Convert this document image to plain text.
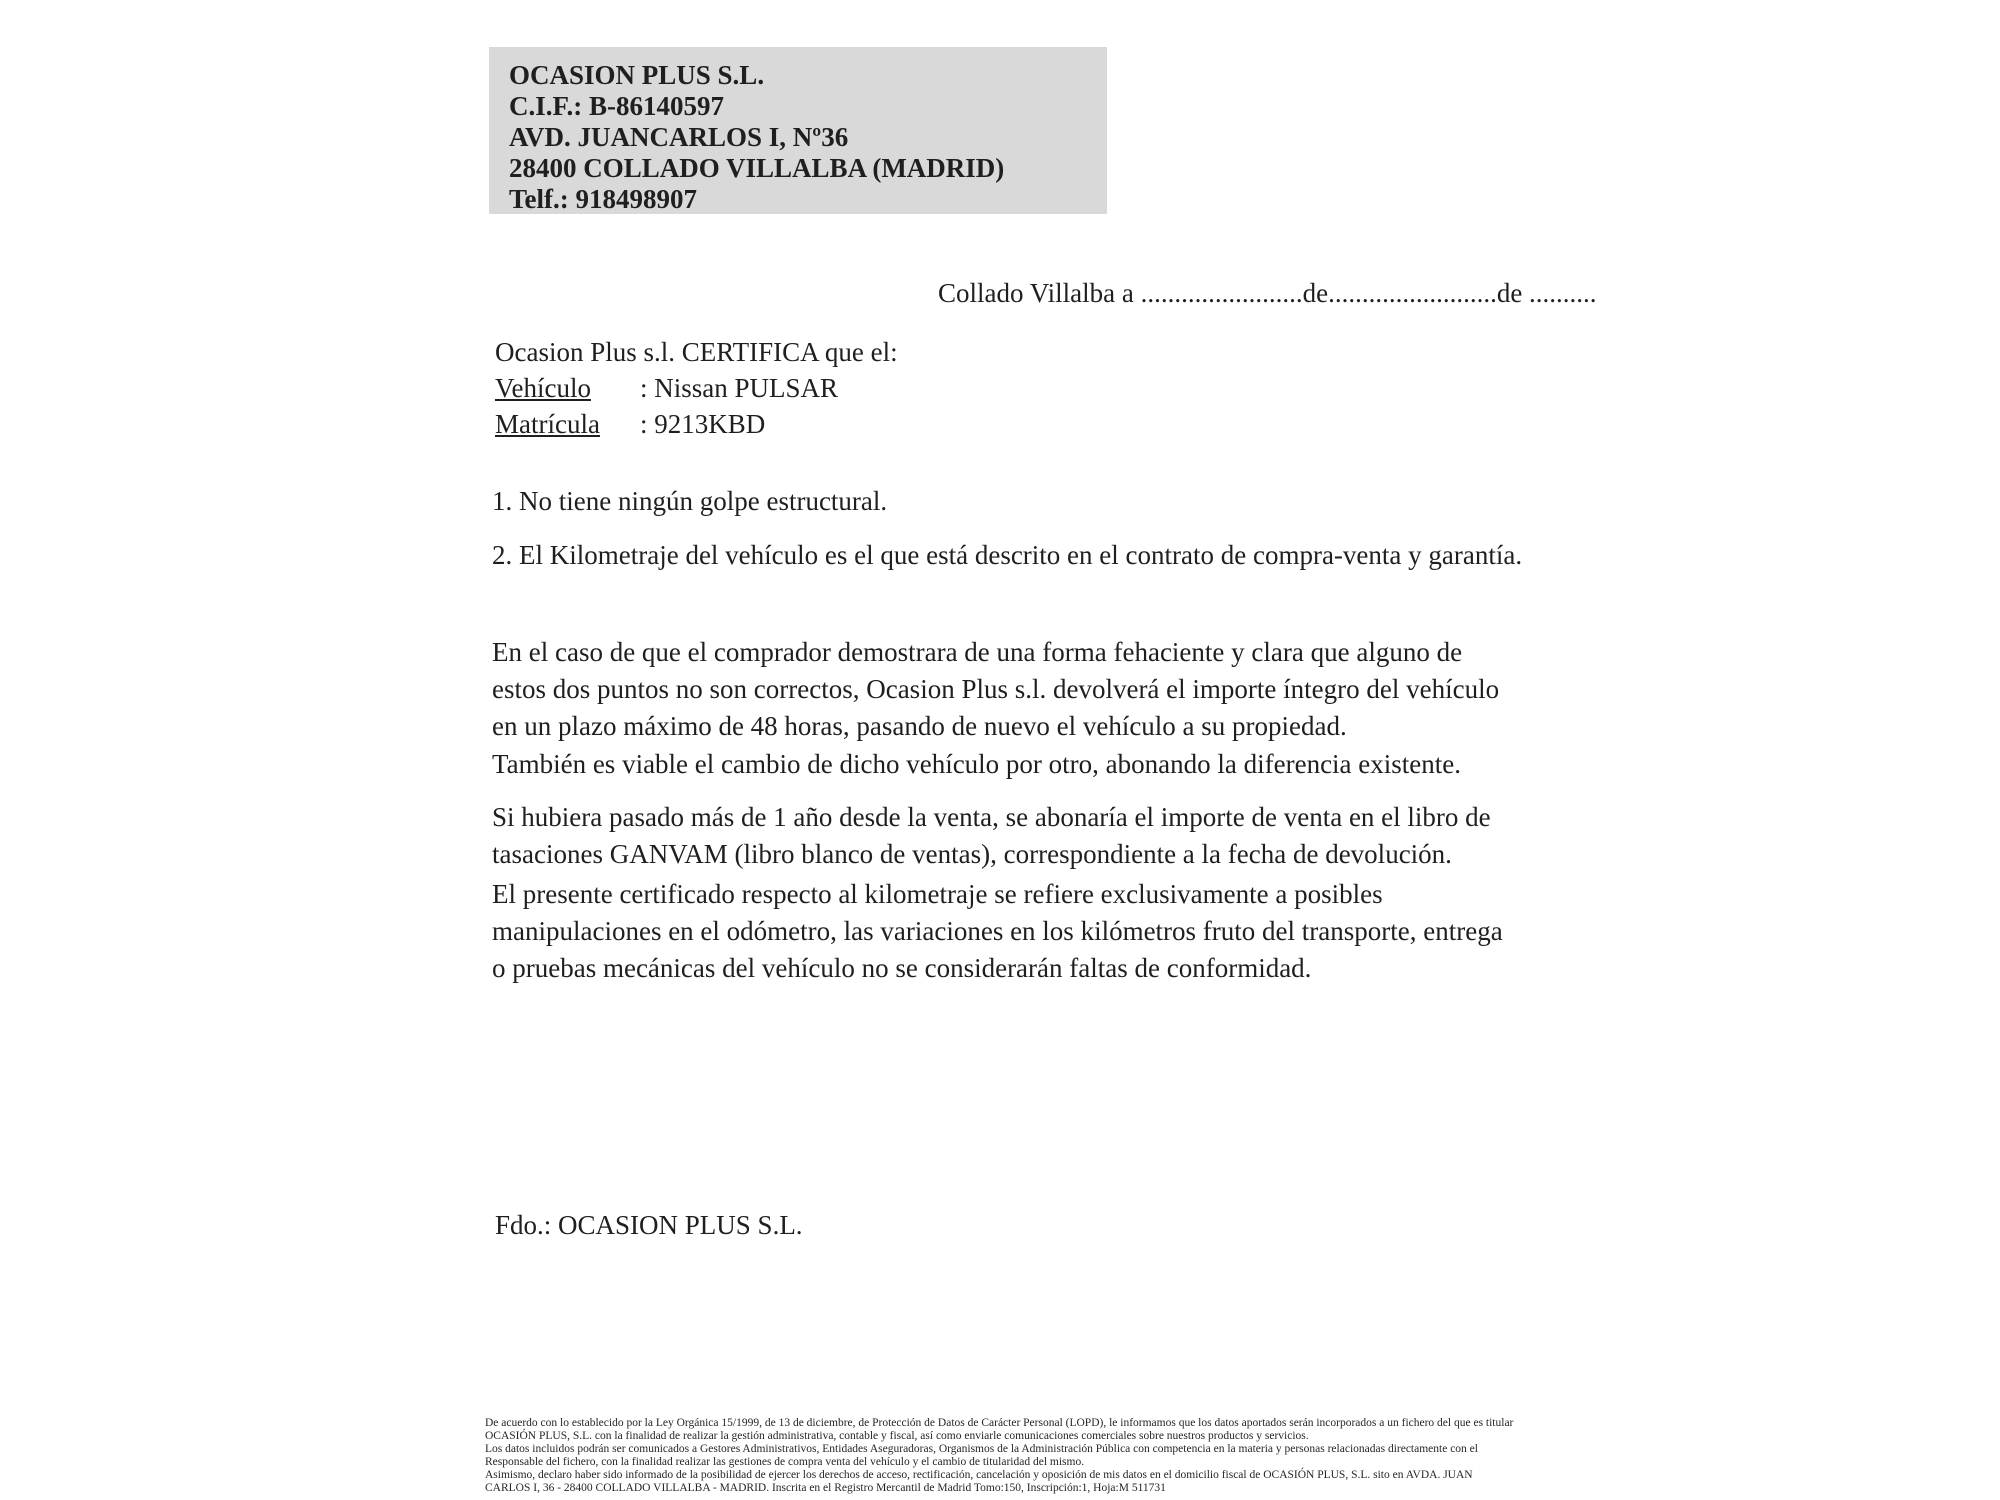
OCASION PLUS S.L.
C.I.F.: B-86140597
AVD. JUANCARLOS I, Nº36
28400 COLLADO VILLALBA (MADRID)
Telf.: 918498907
Collado Villalba a ........................de.........................de ..........
Ocasion Plus s.l. CERTIFICA que el:
Vehículo	: Nissan PULSAR
Matrícula	: 9213KBD
1. No tiene ningún golpe estructural.
2. El Kilometraje del vehículo es el que está descrito en el contrato de compra-venta y garantía.
En el caso de que el comprador demostrara de una forma fehaciente y clara que alguno de estos dos puntos no son correctos, Ocasion Plus s.l. devolverá el importe íntegro del vehículo en un plazo máximo de 48 horas, pasando de nuevo el vehículo a su propiedad.
También es viable el cambio de dicho vehículo por otro, abonando la diferencia existente.
Si hubiera pasado más de 1 año desde la venta, se abonaría el importe de venta en el libro de tasaciones GANVAM (libro blanco de ventas), correspondiente a la fecha de devolución.
El presente certificado respecto al kilometraje se refiere exclusivamente a posibles manipulaciones en el odómetro, las variaciones en los kilómetros fruto del transporte, entrega o pruebas mecánicas del vehículo no se considerarán faltas de conformidad.
Fdo.: OCASION PLUS S.L.
De acuerdo con lo establecido por la Ley Orgánica 15/1999, de 13 de diciembre, de Protección de Datos de Carácter Personal (LOPD), le informamos que los datos aportados serán incorporados a un fichero del que es titular
OCASIÓN PLUS, S.L. con la finalidad de realizar la gestión administrativa, contable y fiscal, así como enviarle comunicaciones comerciales sobre nuestros productos y servicios.
Los datos incluidos podrán ser comunicados a Gestores Administrativos, Entidades Aseguradoras, Organismos de la Administración Pública con competencia en la materia y personas relacionadas directamente con el
Responsable del fichero, con la finalidad realizar las gestiones de compra venta del vehículo y el cambio de titularidad del mismo.
Asimismo, declaro haber sido informado de la posibilidad de ejercer los derechos de acceso, rectificación, cancelación y oposición de mis datos en el domicilio fiscal de OCASIÓN PLUS, S.L. sito en AVDA. JUAN
CARLOS I, 36 - 28400 COLLADO VILLALBA - MADRID. Inscrita en el Registro Mercantil de Madrid Tomo:150, Inscripción:1, Hoja:M 511731
